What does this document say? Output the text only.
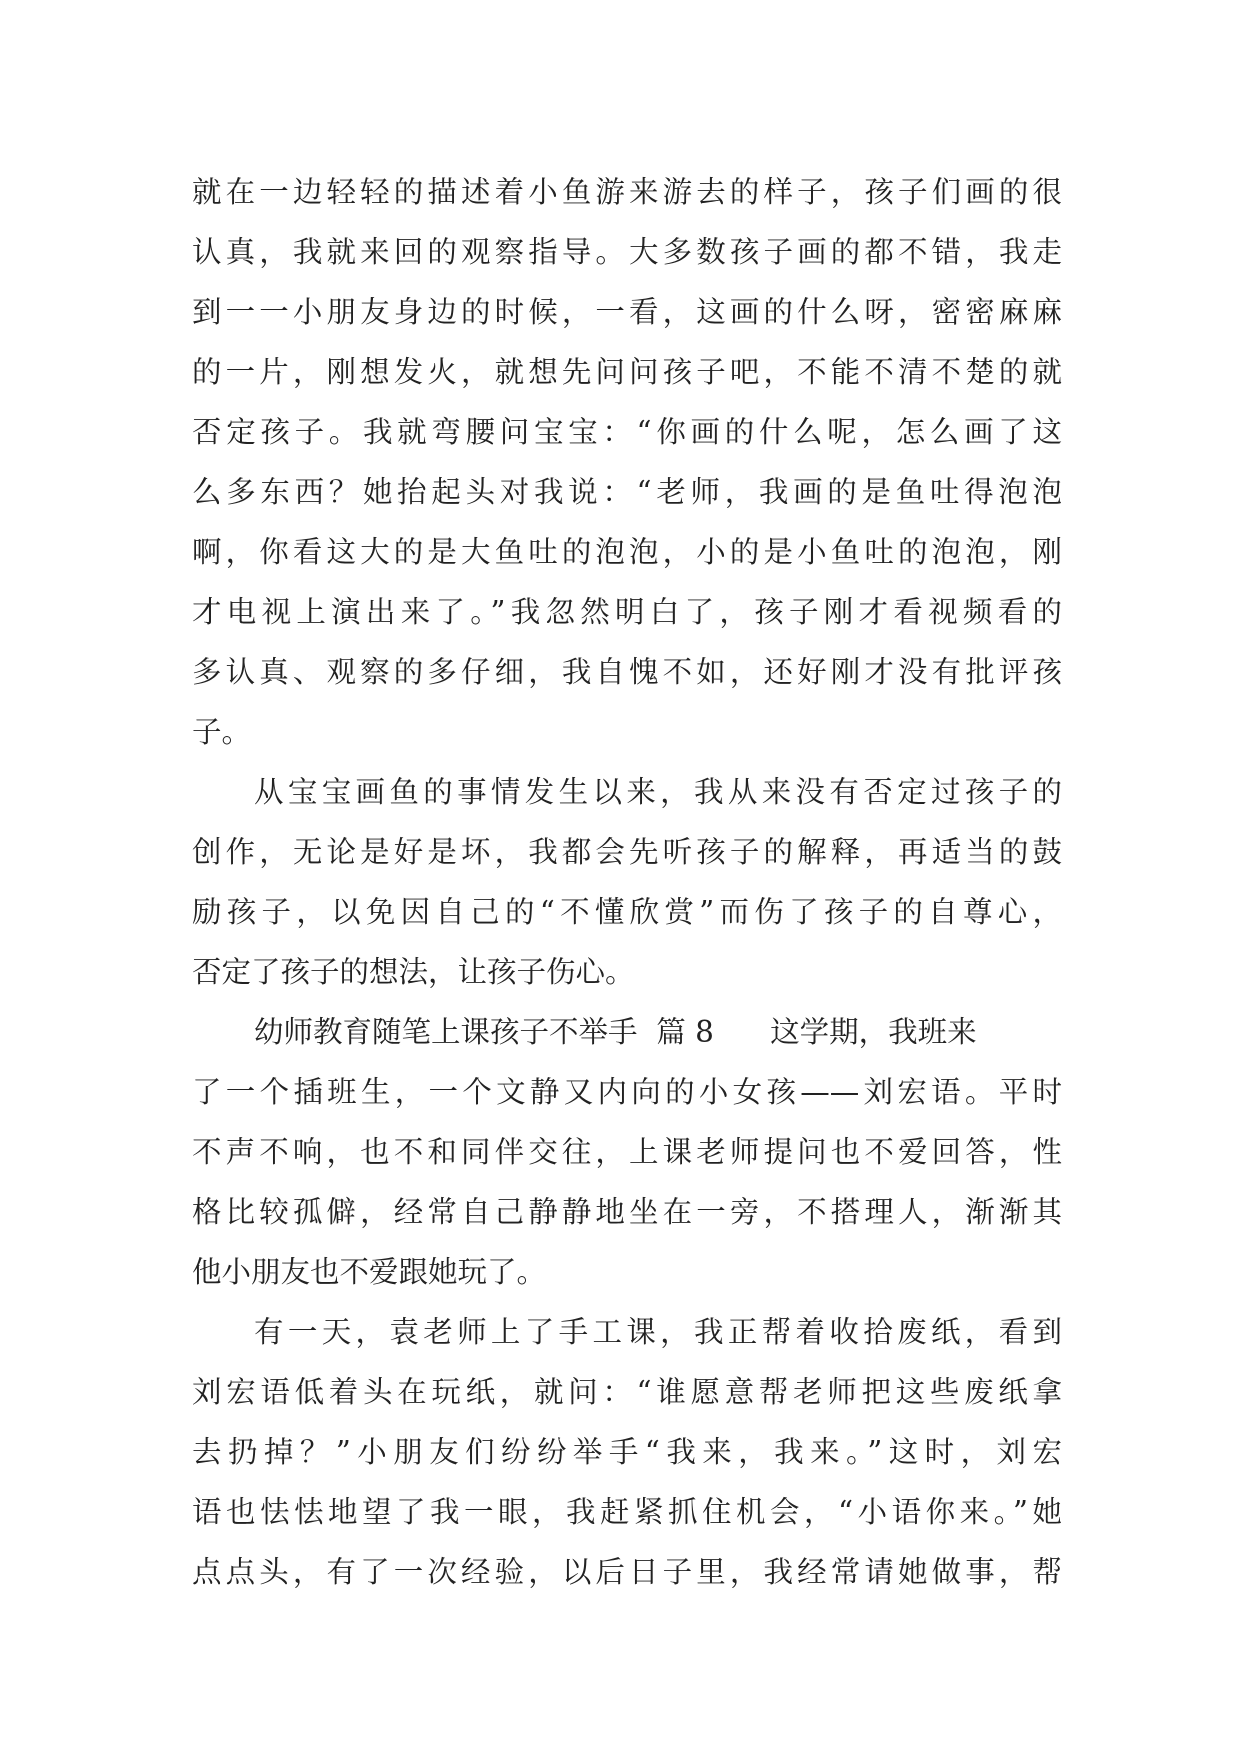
就在一边轻轻的描述着小鱼游来游去的样子，孩子们画的很
认真，我就来回的观察指导。大多数孩子画的都不错，我走
到一一小朋友身边的时候，一看，这画的什么呀，密密麻麻
的一片，刚想发火，就想先问问孩子吧，不能不清不楚的就
否定孩子。我就弯腰问宝宝：“你画的什么呢，怎么画了这
么多东西？她抬起头对我说：“老师，我画的是鱼吐得泡泡
啊，你看这大的是大鱼吐的泡泡，小的是小鱼吐的泡泡，刚
才电视上演出来了。”我忽然明白了，孩子刚才看视频看的
多认真、观察的多仔细，我自愧不如，还好刚才没有批评孩
子。
从宝宝画鱼的事情发生以来，我从来没有否定过孩子的
创作，无论是好是坏，我都会先听孩子的解释，再适当的鼓
励孩子，以免因自己的“不懂欣赏”而伤了孩子的自尊心，
否定了孩子的想法，让孩子伤心。
幼师教育随笔上课孩子不举手  篇 8      这学期，我班来
了一个插班生，一个文静又内向的小女孩——刘宏语。平时
不声不响，也不和同伴交往，上课老师提问也不爱回答，性
格比较孤僻，经常自己静静地坐在一旁，不搭理人，渐渐其
他小朋友也不爱跟她玩了。
有一天，袁老师上了手工课，我正帮着收拾废纸，看到
刘宏语低着头在玩纸，就问：“谁愿意帮老师把这些废纸拿
去扔掉？”小朋友们纷纷举手“我来，我来。”这时，刘宏
语也怯怯地望了我一眼，我赶紧抓住机会，“小语你来。”她
点点头，有了一次经验，以后日子里，我经常请她做事，帮
